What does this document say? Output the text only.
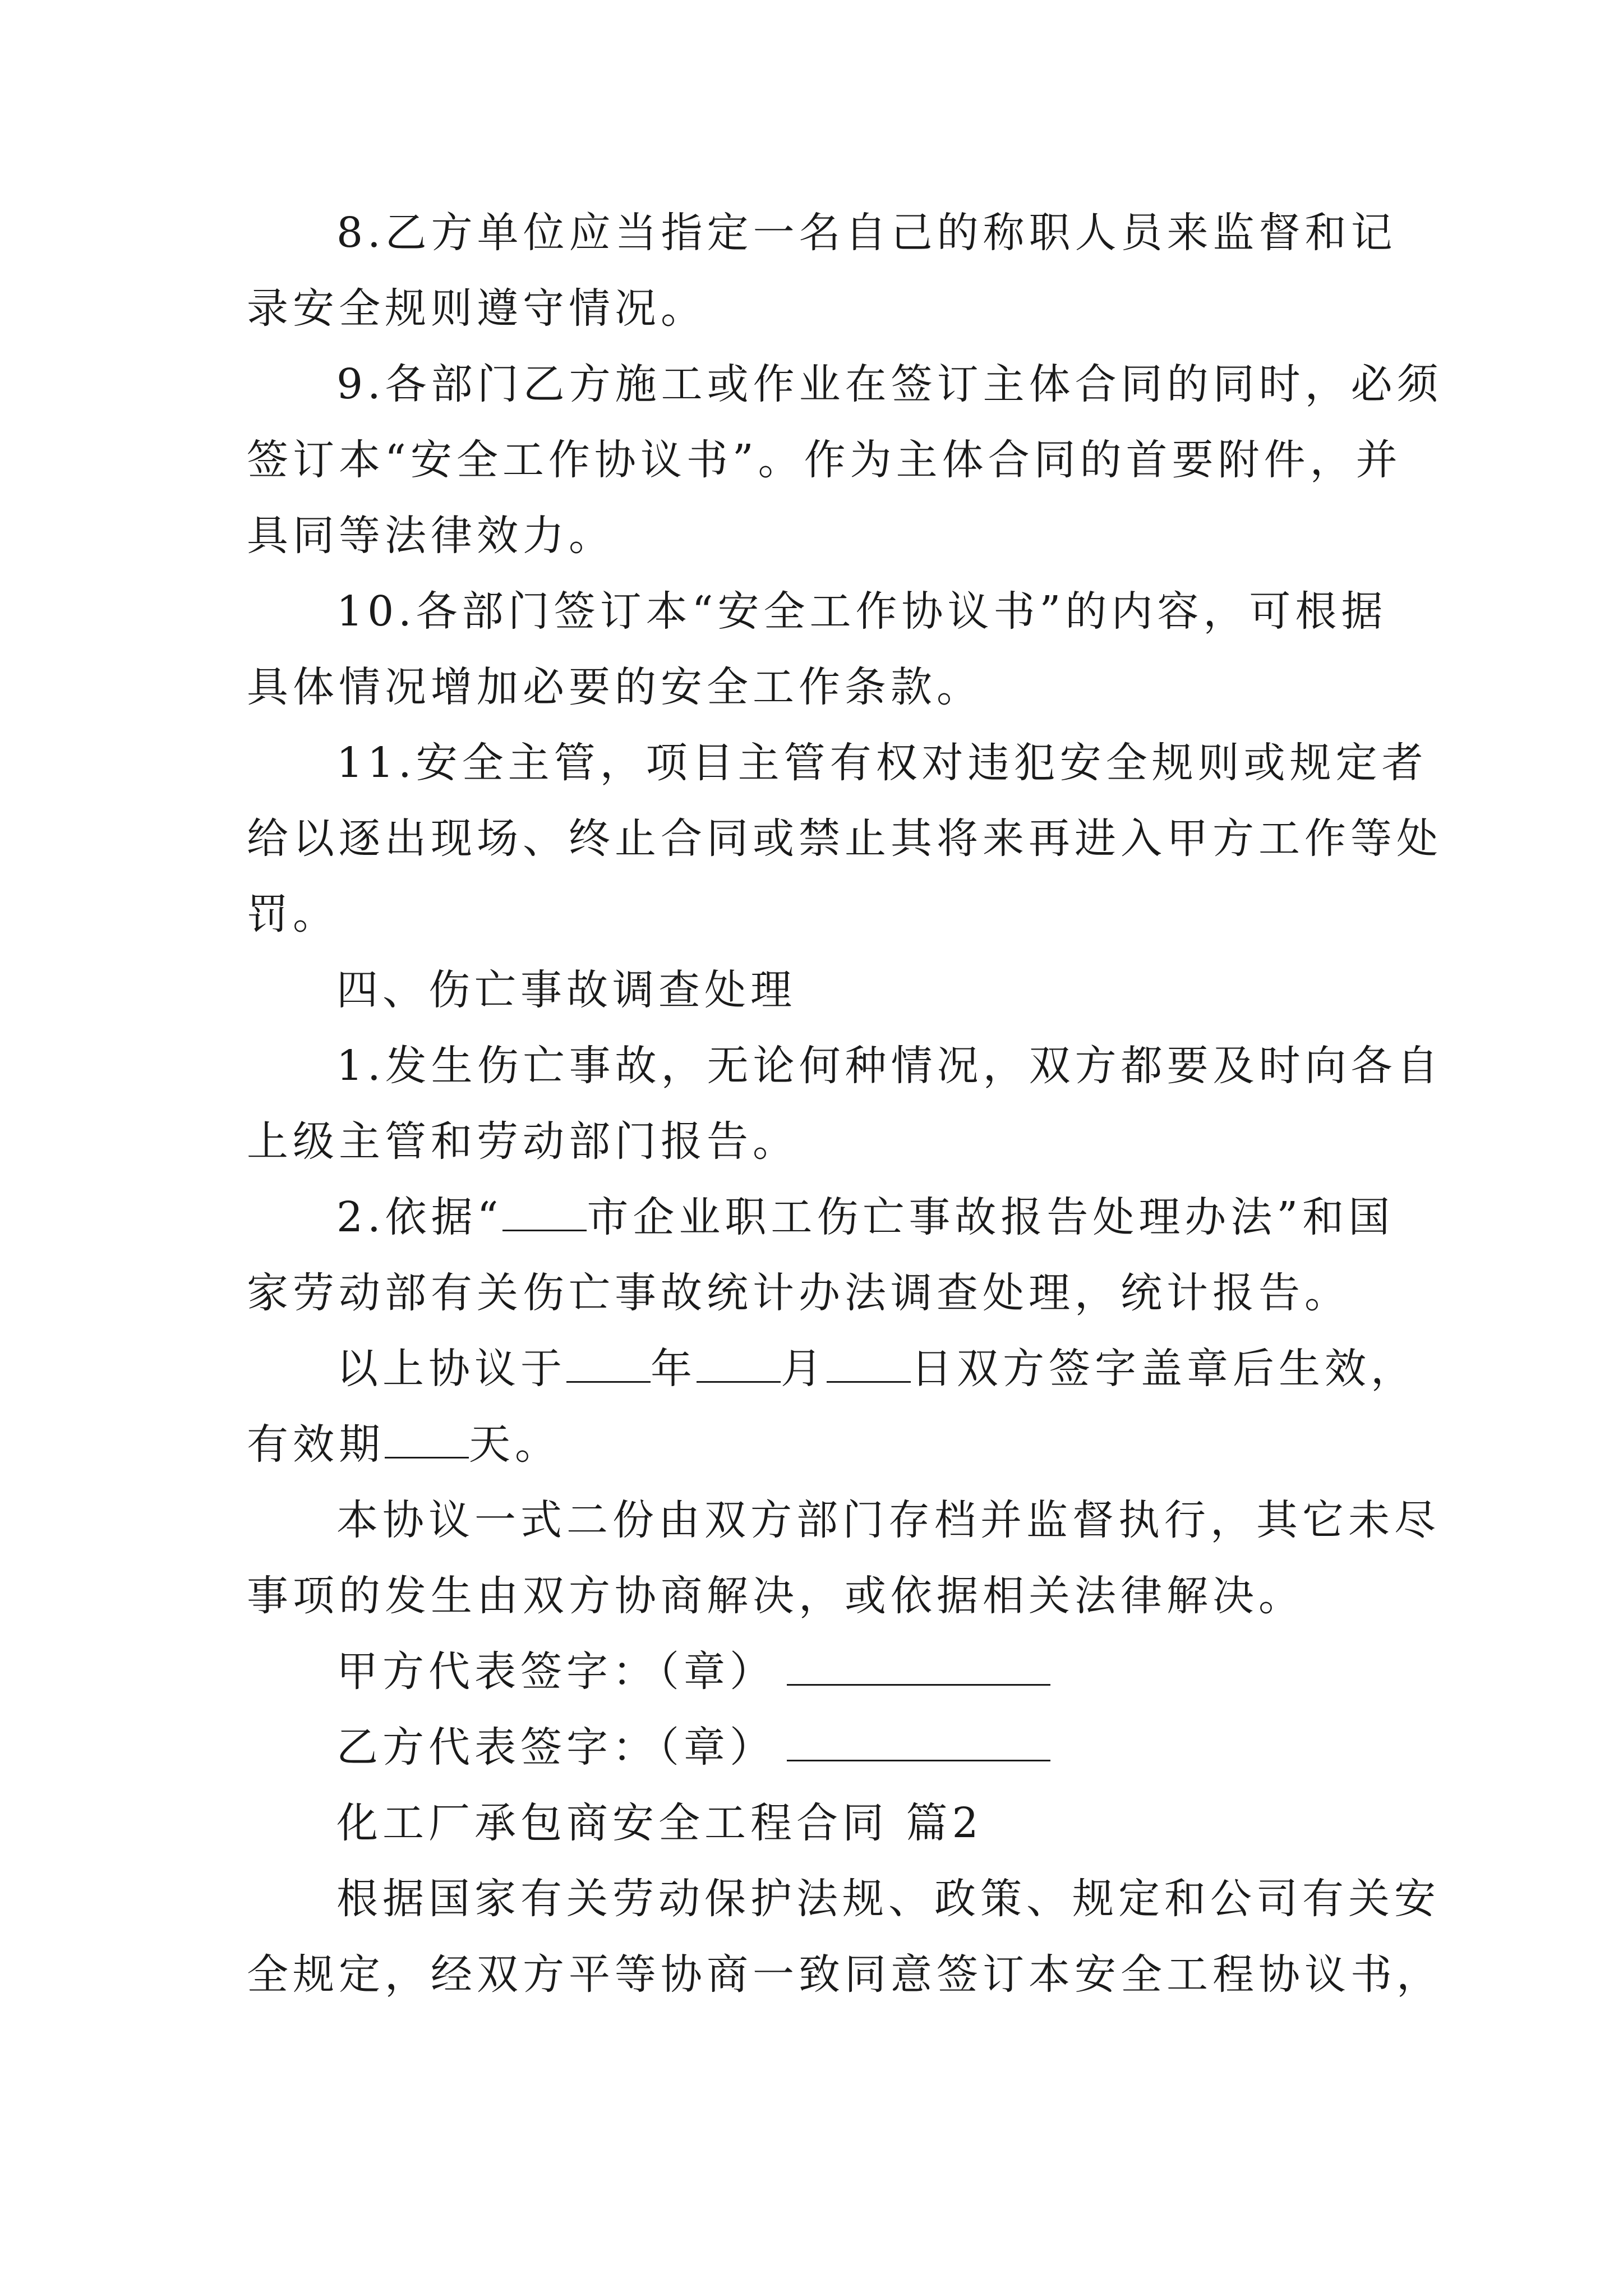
8.乙方单位应当指定一名自己的称职人员来监督和记
录安全规则遵守情况。
9.各部门乙方施工或作业在签订主体合同的同时，必须
签订本“安全工作协议书”。作为主体合同的首要附件，并
具同等法律效力。
10.各部门签订本“安全工作协议书”的内容，可根据
具体情况增加必要的安全工作条款。
11.安全主管，项目主管有权对违犯安全规则或规定者
给以逐出现场、终止合同或禁止其将来再进入甲方工作等处
罚。
四、伤亡事故调查处理
1.发生伤亡事故，无论何种情况，双方都要及时向各自
上级主管和劳动部门报告。
2.依据“ 市企业职工伤亡事故报告处理办法”和国
家劳动部有关伤亡事故统计办法调查处理，统计报告。
以上协议于 年 月 日双方签字盖章后生效，
有效期 天。
本协议一式二份由双方部门存档并监督执行，其它未尽
事项的发生由双方协商解决，或依据相关法律解决。
甲方代表签字：（章）
乙方代表签字：（章）
化工厂承包商安全工程合同 篇2
根据国家有关劳动保护法规、政策、规定和公司有关安
全规定，经双方平等协商一致同意签订本安全工程协议书，
